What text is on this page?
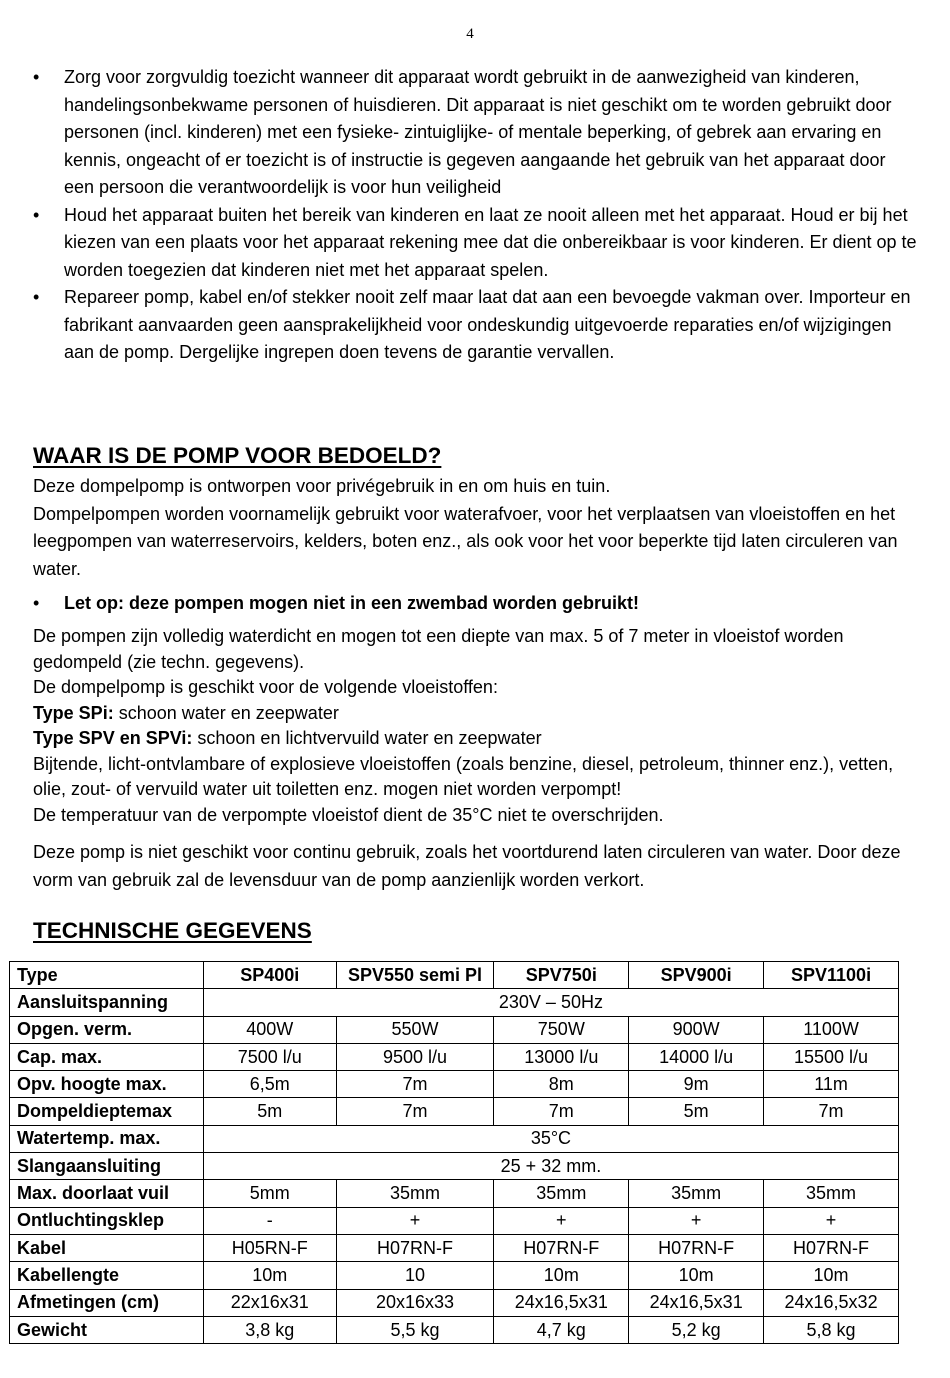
4
• Zorg voor zorgvuldig toezicht wanneer dit apparaat wordt gebruikt in de aanwezigheid van kinderen, handelingsonbekwame personen of huisdieren. Dit apparaat is niet geschikt om te worden gebruikt door personen (incl. kinderen) met een fysieke- zintuiglijke- of mentale beperking, of gebrek aan ervaring en kennis, ongeacht of er toezicht is of instructie is gegeven aangaande het gebruik van het apparaat door een persoon die verantwoordelijk is voor hun veiligheid
• Houd het apparaat buiten het bereik van kinderen en laat ze nooit alleen met het apparaat. Houd er bij het kiezen van een plaats voor het apparaat rekening mee dat die onbereikbaar is voor kinderen. Er dient op te worden toegezien dat kinderen niet met het apparaat spelen.
• Repareer pomp, kabel en/of stekker nooit zelf maar laat dat aan een bevoegde vakman over. Importeur en fabrikant aanvaarden geen aansprakelijkheid voor ondeskundig uitgevoerde reparaties en/of wijzigingen aan de pomp. Dergelijke ingrepen doen tevens de garantie vervallen.
WAAR IS DE POMP VOOR BEDOELD?
Deze dompelpomp is ontworpen voor privégebruik in en om huis en tuin.
Dompelpompen worden voornamelijk gebruikt voor waterafvoer, voor het verplaatsen van vloeistoffen en het leegpompen van waterreservoirs, kelders, boten enz., als ook voor het voor beperkte tijd laten circuleren van water.
• Let op: deze pompen mogen niet in een zwembad worden gebruikt!
De pompen zijn volledig waterdicht en mogen tot een diepte van max. 5 of 7 meter in vloeistof worden gedompeld (zie techn. gegevens).
De dompelpomp is geschikt voor de volgende vloeistoffen:
Type SPi: schoon water en zeepwater
Type SPV en SPVi: schoon en lichtvervuild water en zeepwater
Bijtende, licht-ontvlambare of explosieve vloeistoffen (zoals benzine, diesel, petroleum, thinner enz.), vetten, olie, zout- of vervuild water uit toiletten enz. mogen niet worden verpompt!
De temperatuur van de verpompte vloeistof dient de 35°C niet te overschrijden.
Deze pomp is niet geschikt voor continu gebruik, zoals het voortdurend laten circuleren van water. Door deze vorm van gebruik zal de levensduur van de pomp aanzienlijk worden verkort.
TECHNISCHE GEGEVENS
Type	SP400i	SPV550 semi Pl	SPV750i	SPV900i	SPV1100i
Aansluitspanning	230V – 50Hz				
Opgen. verm.	400W	550W	750W	900W	1100W
Cap. max.	7500 l/u	9500 l/u	13000 l/u	14000 l/u	15500 l/u
Opv. hoogte max.	6,5m	7m	8m	9m	11m
Dompeldieptemax	5m	7m	7m	5m	7m
Watertemp. max.	35°C				
Slangaansluiting	25 + 32 mm.				
Max. doorlaat vuil	5mm	35mm	35mm	35mm	35mm
Ontluchtingsklep	-	+	+	+	+
Kabel	H05RN-F	H07RN-F	H07RN-F	H07RN-F	H07RN-F
Kabellengte	10m	10	10m	10m	10m
Afmetingen (cm)	22x16x31	20x16x33	24x16,5x31	24x16,5x31	24x16,5x32
Gewicht	3,8 kg	5,5 kg	4,7 kg	5,2 kg	5,8 kg
